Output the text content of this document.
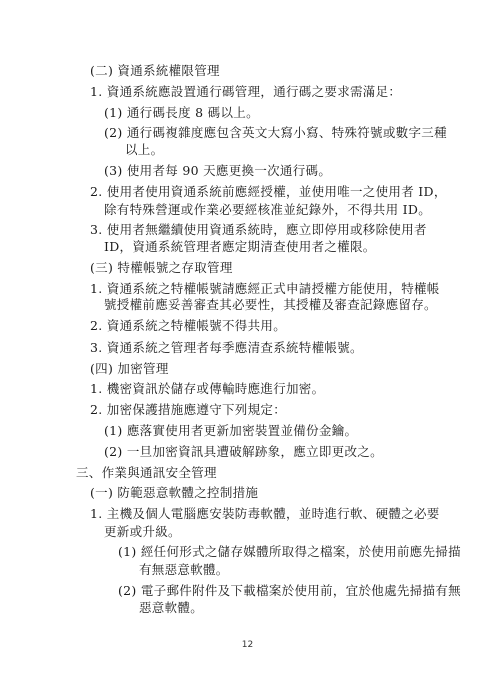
(二) 資通系統權限管理
1. 資通系統應設置通行碼管理，通行碼之要求需滿足：
(1) 通行碼長度 8 碼以上。
(2) 通行碼複雜度應包含英文大寫小寫、特殊符號或數字三種
以上。
(3) 使用者每 90 天應更換一次通行碼。
2. 使用者使用資通系統前應經授權，並使用唯一之使用者 ID，
除有特殊營運或作業必要經核准並紀錄外，不得共用 ID。
3. 使用者無繼續使用資通系統時，應立即停用或移除使用者
ID，資通系統管理者應定期清查使用者之權限。
(三) 特權帳號之存取管理
1. 資通系統之特權帳號請應經正式申請授權方能使用，特權帳
號授權前應妥善審查其必要性，其授權及審查記錄應留存。
2. 資通系統之特權帳號不得共用。
3. 資通系統之管理者每季應清查系統特權帳號。
(四) 加密管理
1. 機密資訊於儲存或傳輸時應進行加密。
2. 加密保護措施應遵守下列規定：
(1) 應落實使用者更新加密裝置並備份金鑰。
(2) 一旦加密資訊具遭破解跡象，應立即更改之。
三、作業與通訊安全管理
(一) 防範惡意軟體之控制措施
1. 主機及個人電腦應安裝防毒軟體，並時進行軟、硬體之必要
更新或升級。
(1) 經任何形式之儲存媒體所取得之檔案，於使用前應先掃描
有無惡意軟體。
(2) 電子郵件附件及下載檔案於使用前，宜於他處先掃描有無
惡意軟體。
12
